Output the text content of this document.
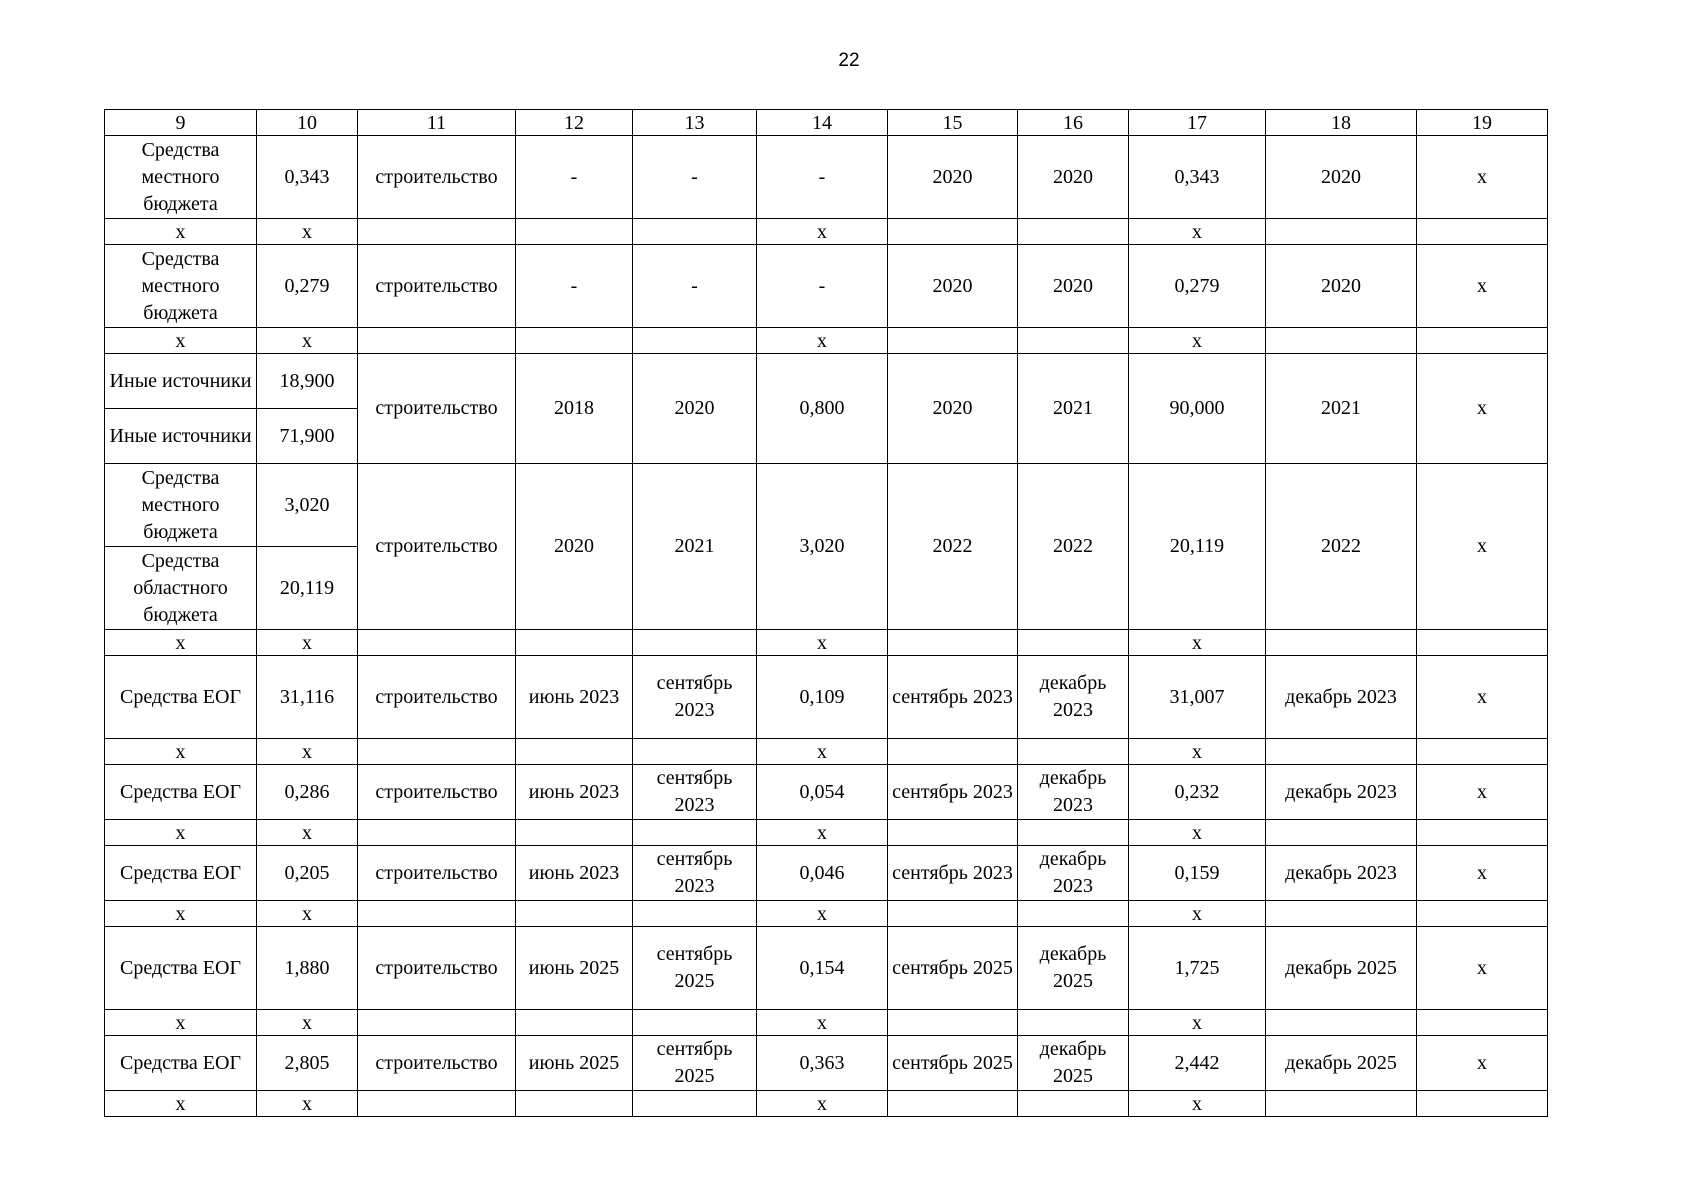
22
9	10	11	12	13	14	15	16	17	18	19
Средства местного бюджета	0,343	строительство	-	-	-	2020	2020	0,343	2020	х
х	х				х			х		
Средства местного бюджета	0,279	строительство	-	-	-	2020	2020	0,279	2020	х
х	х				х			х		
Иные источники	18,900	строительство	2018	2020	0,800	2020	2021	90,000	2021	х
Иные источники	71,900									
Средства местного бюджета	3,020	строительство	2020	2021	3,020	2022	2022	20,119	2022	х
Средства областного бюджета	20,119									
х	х				х			х		
Средства ЕОГ	31,116	строительство	июнь 2023	сентябрь 2023	0,109	сентябрь 2023	декабрь 2023	31,007	декабрь 2023	х
х	х				х			х		
Средства ЕОГ	0,286	строительство	июнь 2023	сентябрь 2023	0,054	сентябрь 2023	декабрь 2023	0,232	декабрь 2023	х
х	х				х			х		
Средства ЕОГ	0,205	строительство	июнь 2023	сентябрь 2023	0,046	сентябрь 2023	декабрь 2023	0,159	декабрь 2023	х
х	х				х			х		
Средства ЕОГ	1,880	строительство	июнь 2025	сентябрь 2025	0,154	сентябрь 2025	декабрь 2025	1,725	декабрь 2025	х
х	х				х			х		
Средства ЕОГ	2,805	строительство	июнь 2025	сентябрь 2025	0,363	сентябрь 2025	декабрь 2025	2,442	декабрь 2025	х
х	х				х			х		
